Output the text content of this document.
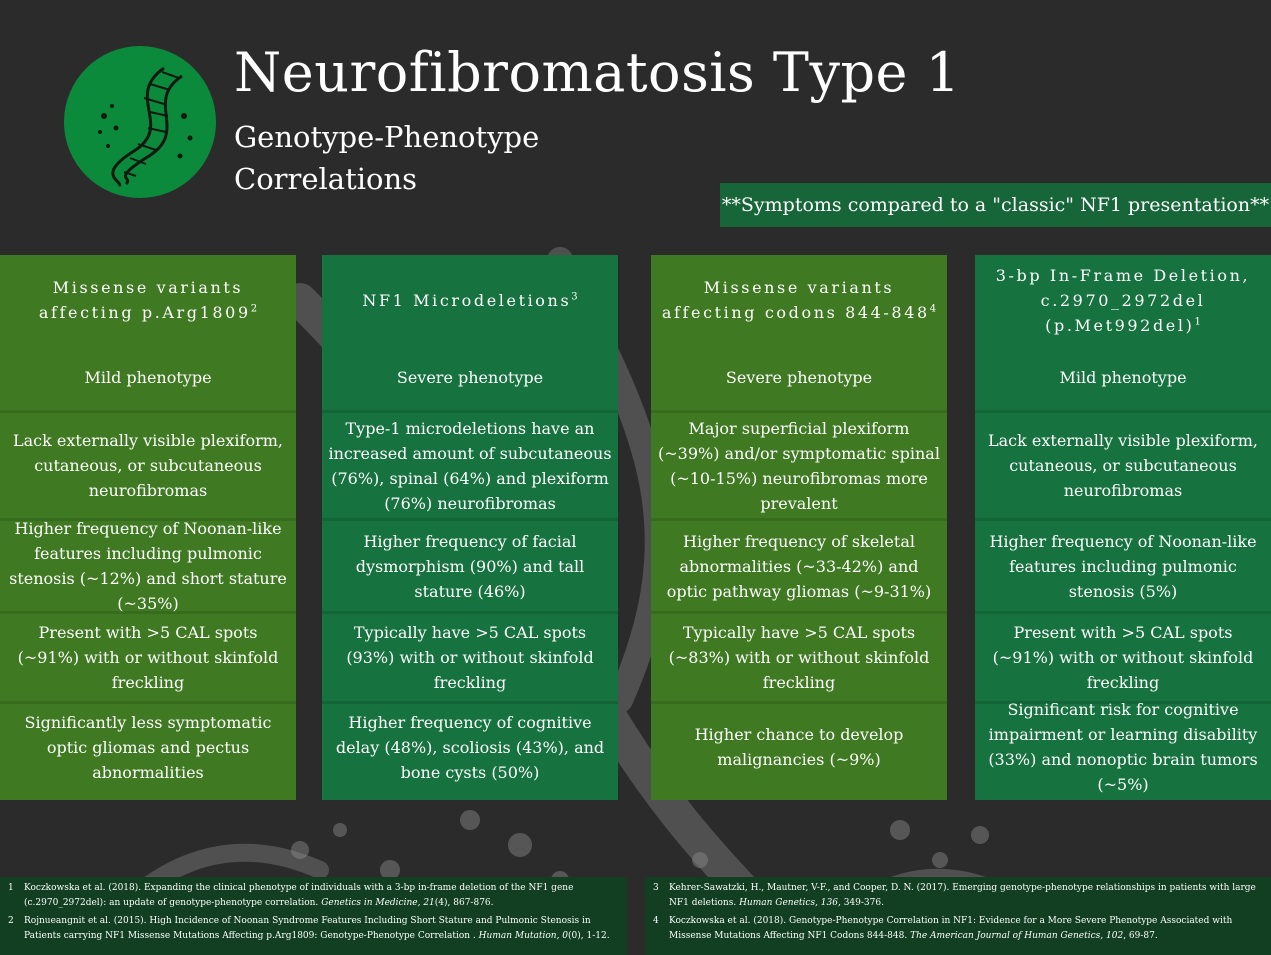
Neurofibromatosis Type 1
Genotype-Phenotype Correlations
**Symptoms compared to a "classic" NF1 presentation**
Missense variants affecting p.Arg1809$^2$
Mild phenotype
Lack externally visible plexiform, cutaneous, or subcutaneous neurofibromas
Higher frequency of Noonan-like features including pulmonic stenosis (~12%) and short stature (~35%)
Present with >5 CAL spots (~91%) with or without skinfold freckling
Significantly less symptomatic optic gliomas and pectus abnormalities
NF1 Microdeletions$^3$
Severe phenotype
Type-1 microdeletions have an increased amount of subcutaneous (76%), spinal (64%) and plexiform (76%) neurofibromas
Higher frequency of facial dysmorphism (90%) and tall stature (46%)
Typically have >5 CAL spots (93%) with or without skinfold freckling
Higher frequency of cognitive delay (48%), scoliosis (43%), and bone cysts (50%)
Missense variants affecting codons $844-848^4$
Severe phenotype
Major superficial plexiform (~39%) and/or symptomatic spinal (~10-15%) neurofibromas more prevalent
Higher frequency of skeletal abnormalities (~33-42%) and optic pathway gliomas (~9-31%)
Typically have >5 CAL spots (~83%) with or without skinfold freckling
Higher chance to develop malignancies (~9%)
3-bp In-Frame Deletion, c.2970_2972del $(p.Met992del)^1$
Mild phenotype
Lack externally visible plexiform, cutaneous, or subcutaneous neurofibromas
Higher frequency of Noonan-like features including pulmonic stenosis (5%)
Present with >5 CAL spots (~91%) with or without skinfold freckling
Significant risk for cognitive impairment or learning disability (33%) and nonoptic brain tumors (~5%)
1 Koczkowska et al. (2018). Expanding the clinical phenotype of individuals with a 3-bp in-frame deletion of the NF1 gene (c.2970_2972del): an update of genotype-phenotype correlation. Genetics in Medicine, 21(4), 867-876.
2 Rojnueangnit et al. (2015). High Incidence of Noonan Syndrome Features Including Short Stature and Pulmonic Stenosis in Patients carrying NF1 Missense Mutations Affecting p.Arg1809: Genotype-Phenotype Correlation . Human Mutation, 0(0), 1-12.
3 Kehrer-Sawatzki, H., Mautner, V-F., and Cooper, D. N. (2017). Emerging genotype-phenotype relationships in patients with large NF1 deletions. Human Genetics, 136, 349-376.
4 Koczkowska et al. (2018). Genotype-Phenotype Correlation in NF1: Evidence for a More Severe Phenotype Associated with Missense Mutations Affecting NF1 Codons 844-848. The American Journal of Human Genetics, 102, 69-87.
